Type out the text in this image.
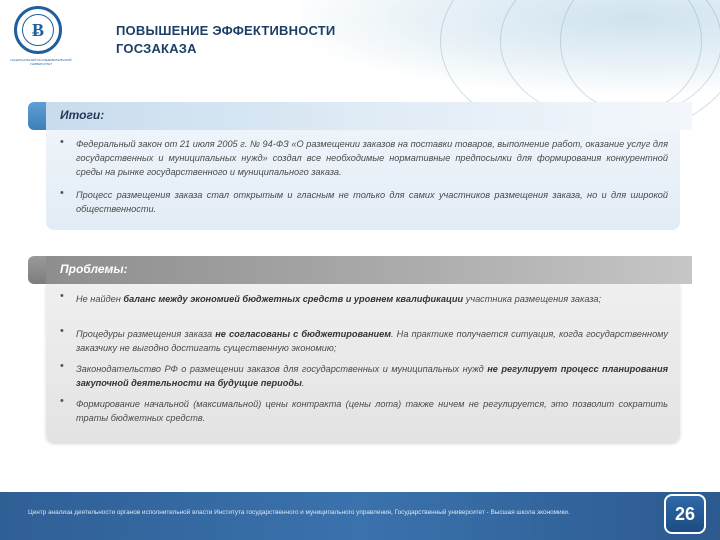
Ƀ
НАЦИОНАЛЬНЫЙ ИССЛЕДОВАТЕЛЬСКИЙ УНИВЕРСИТЕТ
ПОВЫШЕНИЕ ЭФФЕКТИВНОСТИ
ГОСЗАКАЗА
Итоги:
• Федеральный закон от 21 июля 2005 г. № 94-ФЗ «О размещении заказов на поставки товаров, выполнение работ, оказание услуг для государственных и муниципальных нужд» создал все необходимые нормативные предпосылки для формирования конкурентной среды на рынке государственного и муниципального заказа.
• Процесс размещения заказа стал открытым и гласным не только для самих участников размещения заказа, но и для широкой общественности.
Проблемы:
• Не найден баланс между экономией бюджетных средств и уровнем квалификации участника размещения заказа;
• Процедуры размещения заказа не согласованы с бюджетированием. На практике получается ситуация, когда государственному заказчику не выгодно достигать существенную экономию;
• Законодательство РФ о размещении заказов для государственных и муниципальных нужд не регулирует процесс планирования закупочной деятельности на будущие периоды.
• Формирование начальной (максимальной) цены контракта (цены лота) также ничем не регулируется, это позволит сократить траты бюджетных средств.
Центр анализа деятельности органов исполнительной власти Института государственного и муниципального управления, Государственный университет - Высшая школа экономики.	26
